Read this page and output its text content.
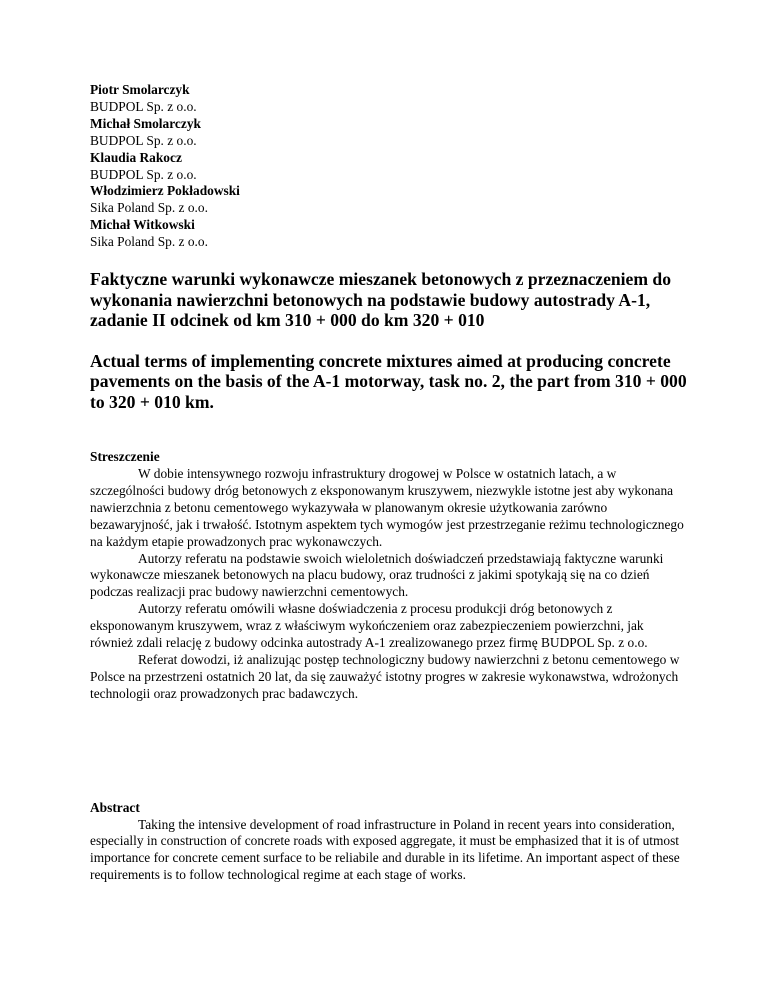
Piotr Smolarczyk
BUDPOL Sp. z o.o.
Michał Smolarczyk
BUDPOL Sp. z o.o.
Klaudia Rakocz
BUDPOL Sp. z o.o.
Włodzimierz Pokładowski
Sika Poland Sp. z o.o.
Michał Witkowski
Sika Poland Sp. z o.o.
Faktyczne warunki wykonawcze mieszanek betonowych z przeznaczeniem do wykonania nawierzchni betonowych na podstawie budowy autostrady A-1, zadanie II odcinek od km 310 + 000 do km 320 + 010
Actual terms of implementing concrete mixtures aimed at producing concrete pavements on the basis of the A-1 motorway, task no. 2, the part from 310 + 000 to 320 + 010 km.
Streszczenie

W dobie intensywnego rozwoju infrastruktury drogowej w Polsce w ostatnich latach, a w szczególności budowy dróg betonowych z eksponowanym kruszywem, niezwykle istotne jest aby wykonana nawierzchnia z betonu cementowego wykazywała w planowanym okresie użytkowania zarówno bezawaryjność, jak i trwałość. Istotnym aspektem tych wymogów jest przestrzeganie reżimu technologicznego na każdym etapie prowadzonych prac wykonawczych.

Autorzy referatu na podstawie swoich wieloletnich doświadczeń przedstawiają faktyczne warunki wykonawcze mieszanek betonowych na placu budowy, oraz trudności z jakimi spotykają się na co dzień podczas realizacji prac budowy nawierzchni cementowych.

Autorzy referatu omówili własne doświadczenia z procesu produkcji dróg betonowych z eksponowanym kruszywem, wraz z właściwym wykończeniem oraz zabezpieczeniem powierzchni, jak również zdali relację z budowy odcinka autostrady A-1 zrealizowanego przez firmę BUDPOL Sp. z o.o.

Referat dowodzi, iż analizując postęp technologiczny budowy nawierzchni z betonu cementowego w Polsce na przestrzeni ostatnich 20 lat, da się zauważyć istotny progres w zakresie wykonawstwa, wdrożonych technologii oraz prowadzonych prac badawczych.

Abstract

Taking the intensive development of road infrastructure in Poland in recent years into consideration, especially in construction of concrete roads with exposed aggregate, it must be emphasized that it is of utmost importance for concrete cement surface to be reliabile and durable in its lifetime. An important aspect of these requirements is to follow technological regime at each stage of works.
